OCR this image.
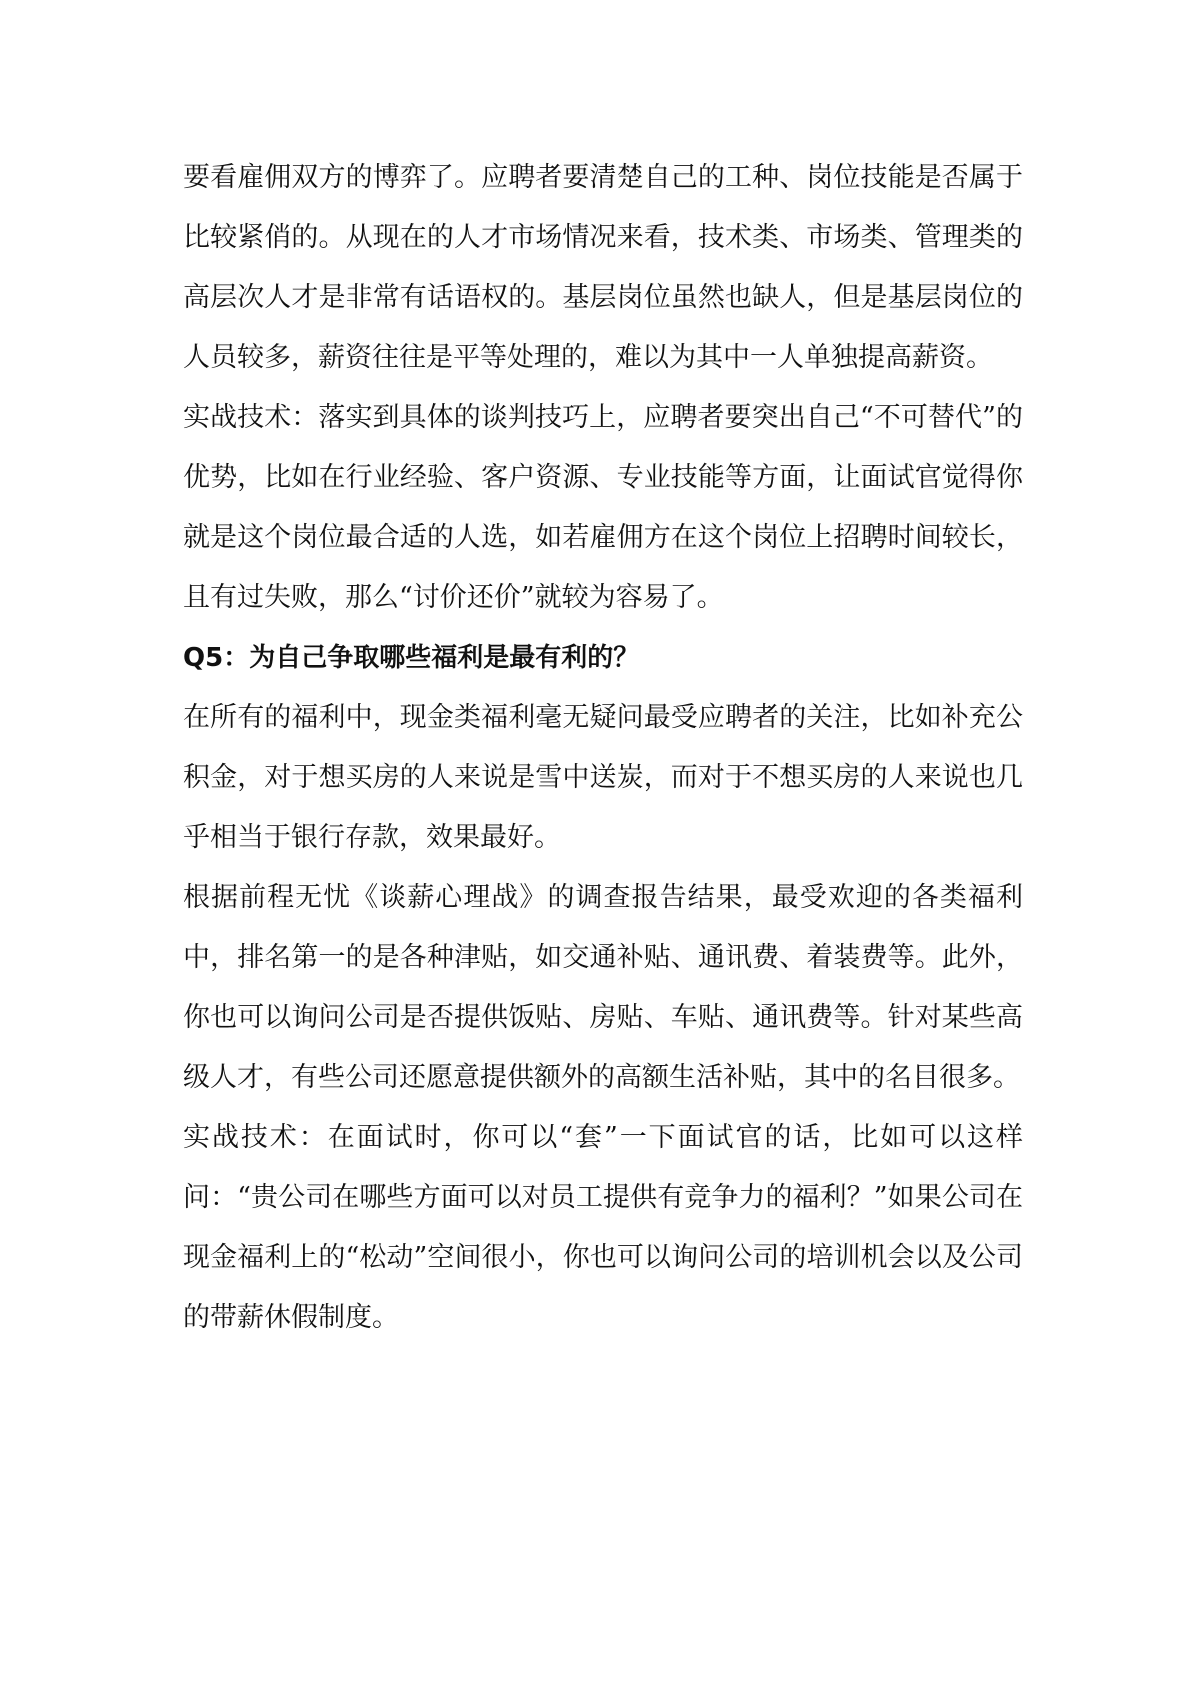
要看雇佣双方的博弈了。应聘者要清楚自己的工种、岗位技能是否属于比较紧俏的。从现在的人才市场情况来看，技术类、市场类、管理类的高层次人才是非常有话语权的。基层岗位虽然也缺人，但是基层岗位的人员较多，薪资往往是平等处理的，难以为其中一人单独提高薪资。

实战技术：落实到具体的谈判技巧上，应聘者要突出自己“不可替代”的优势，比如在行业经验、客户资源、专业技能等方面，让面试官觉得你就是这个岗位最合适的人选，如若雇佣方在这个岗位上招聘时间较长，且有过失败，那么“讨价还价”就较为容易了。

Q5：为自己争取哪些福利是最有利的？

在所有的福利中，现金类福利毫无疑问最受应聘者的关注，比如补充公积金，对于想买房的人来说是雪中送炭，而对于不想买房的人来说也几乎相当于银行存款，效果最好。

根据前程无忧《谈薪心理战》的调查报告结果，最受欢迎的各类福利中，排名第一的是各种津贴，如交通补贴、通讯费、着装费等。此外，你也可以询问公司是否提供饭贴、房贴、车贴、通讯费等。针对某些高级人才，有些公司还愿意提供额外的高额生活补贴，其中的名目很多。

实战技术：在面试时，你可以“套”一下面试官的话，比如可以这样问：“贵公司在哪些方面可以对员工提供有竞争力的福利？”如果公司在现金福利上的“松动”空间很小，你也可以询问公司的培训机会以及公司的带薪休假制度。
